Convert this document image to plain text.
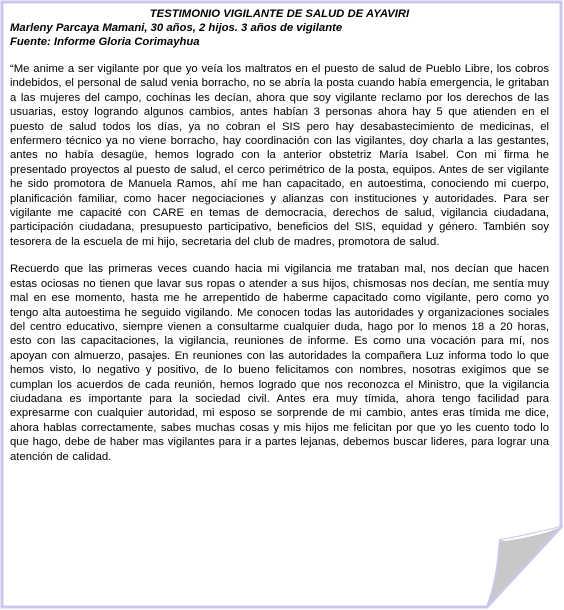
TESTIMONIO VIGILANTE DE SALUD DE AYAVIRI

Marleny Parcaya Mamani, 30 años, 2 hijos. 3 años de vigilante

Fuente: Informe Gloria Corimayhua

“Me anime a ser vigilante por que yo veía los maltratos en el puesto de salud de Pueblo Libre, los cobros indebidos, el personal de salud venia borracho, no se abría la posta cuando había emergencia, le gritaban a las mujeres del campo, cochinas les decían, ahora que soy vigilante reclamo por los derechos de las usuarias, estoy logrando algunos cambios, antes habían 3 personas ahora hay 5 que atienden en el puesto de salud todos los días, ya no cobran el SIS pero hay desabastecimiento de medicinas, el enfermero técnico ya no viene borracho, hay coordinación con las vigilantes, doy charla a las gestantes, antes no había desagüe, hemos logrado con la anterior obstetriz María Isabel. Con mi firma he presentado proyectos al puesto de salud, el cerco perimétrico de la posta, equipos. Antes de ser vigilante he sido promotora de Manuela Ramos, ahí me han capacitado, en autoestima, conociendo mi cuerpo, planificación familiar, como hacer negociaciones y alianzas con instituciones y autoridades. Para ser vigilante me capacité con CARE en temas de democracia, derechos de salud, vigilancia ciudadana, participación ciudadana, presupuesto participativo, beneficios del SIS, equidad y género. También soy tesorera de la escuela de mi hijo, secretaria del club de madres, promotora de salud.

Recuerdo que las primeras veces cuando hacia mi vigilancia me trataban mal, nos decían que hacen estas ociosas no tienen que lavar sus ropas o atender a sus hijos, chismosas nos decían, me sentía muy mal en ese momento, hasta me he arrepentido de haberme capacitado como vigilante, pero como yo tengo alta autoestima he seguido vigilando. Me conocen todas las autoridades y organizaciones sociales del centro educativo, siempre vienen a consultarme cualquier duda, hago por lo menos 18 a 20 horas, esto con las capacitaciones, la vigilancia, reuniones de informe. Es como una vocación para mí, nos apoyan con almuerzo, pasajes. En reuniones con las autoridades la compañera Luz informa todo lo que hemos visto, lo negativo y positivo, de lo bueno felicitamos con nombres, nosotras exigimos que se cumplan los acuerdos de cada reunión, hemos logrado que nos reconozca el Ministro, que la vigilancia ciudadana es importante para la sociedad civil. Antes era muy tímida, ahora tengo facilidad para expresarme con cualquier autoridad, mi esposo se sorprende de mi cambio, antes eras tímida me dice, ahora hablas correctamente, sabes muchas cosas y mis hijos me felicitan por que yo les cuento todo lo que hago, debe de haber mas vigilantes para ir a partes lejanas, debemos buscar lideres, para lograr una atención de calidad.
